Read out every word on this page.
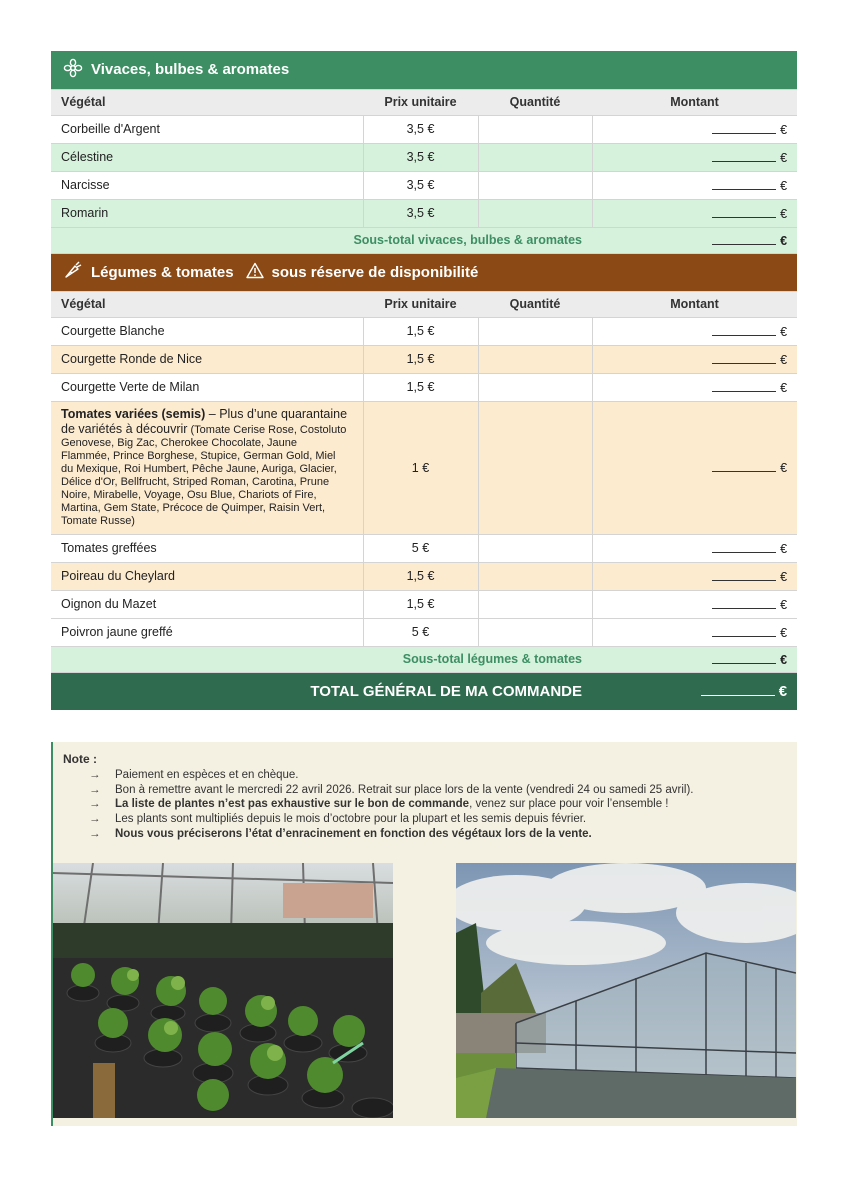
Vivaces, bulbes & aromates			

Végétal	Prix unitaire	Quantité	Montant
Corbeille d'Argent	3,5 €		€
Célestine	3,5 €		€
Narcisse	3,5 €		€
Romarin	3,5 €		€
Sous-total vivaces, bulbes & aromates			€

Légumes & tomates sous réserve de disponibilité			

Végétal	Prix unitaire	Quantité	Montant
Courgette Blanche	1,5 €		€
Courgette Ronde de Nice	1,5 €		€
Courgette Verte de Milan	1,5 €		€

Tomates variées (semis) – Plus d’une quarantaine de variétés à découvrir (Tomate Cerise Rose, Costoluto Genovese, Big Zac, Cherokee Chocolate, Jaune Flammée, Prince Borghese, Stupice, German Gold, Miel du Mexique, Roi Humbert, Pêche Jaune, Auriga, Glacier, Délice d'Or, Bellfrucht, Striped Roman, Carotina, Prune Noire, Mirabelle, Voyage, Osu Blue, Chariots of Fire, Martina, Gem State, Précoce de Quimper, Raisin Vert, Tomate Russe)	1 €		€
Tomates greffées	5 €		€
Poireau du Cheylard	1,5 €		€
Oignon du Mazet	1,5 €		€
Poivron jaune greffé	5 €		€
Sous-total légumes & tomates			€
TOTAL GÉNÉRAL DE MA COMMANDE			€
Note :
→ Paiement en espèces et en chèque.
→ Bon à remettre avant le mercredi 22 avril 2026. Retrait sur place lors de la vente (vendredi 24 ou samedi 25 avril).
→ La liste de plantes n’est pas exhaustive sur le bon de commande, venez sur place pour voir l’ensemble !
→ Les plants sont multipliés depuis le mois d’octobre pour la plupart et les semis depuis février.
→ Nous vous préciserons l’état d’enracinement en fonction des végétaux lors de la vente.
